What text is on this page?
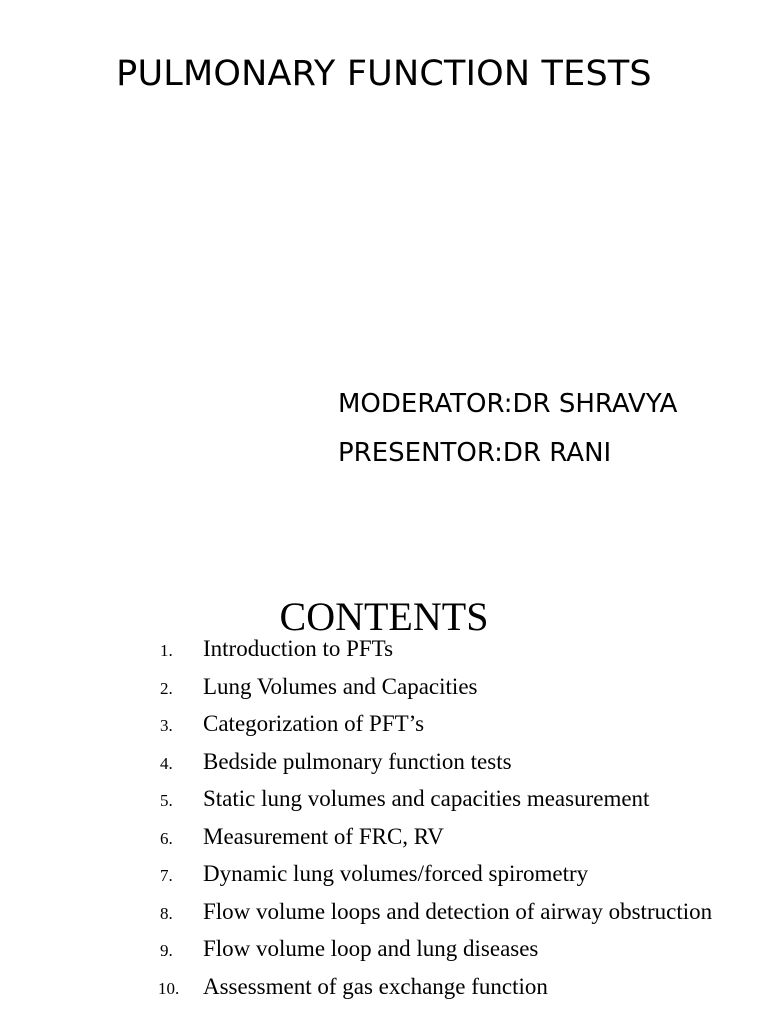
PULMONARY FUNCTION TESTS
MODERATOR:DR SHRAVYA
PRESENTOR:DR RANI
CONTENTS
1.	Introduction to PFTs
2.	Lung Volumes and Capacities
3.	Categorization of PFT’s
4.	Bedside pulmonary function tests
5.	Static lung volumes and capacities measurement
6.	Measurement of FRC, RV
7.	Dynamic lung volumes/forced spirometry
8.	Flow volume loops and detection of airway obstruction
9.	Flow volume loop and lung diseases
10.	Assessment of gas exchange function
